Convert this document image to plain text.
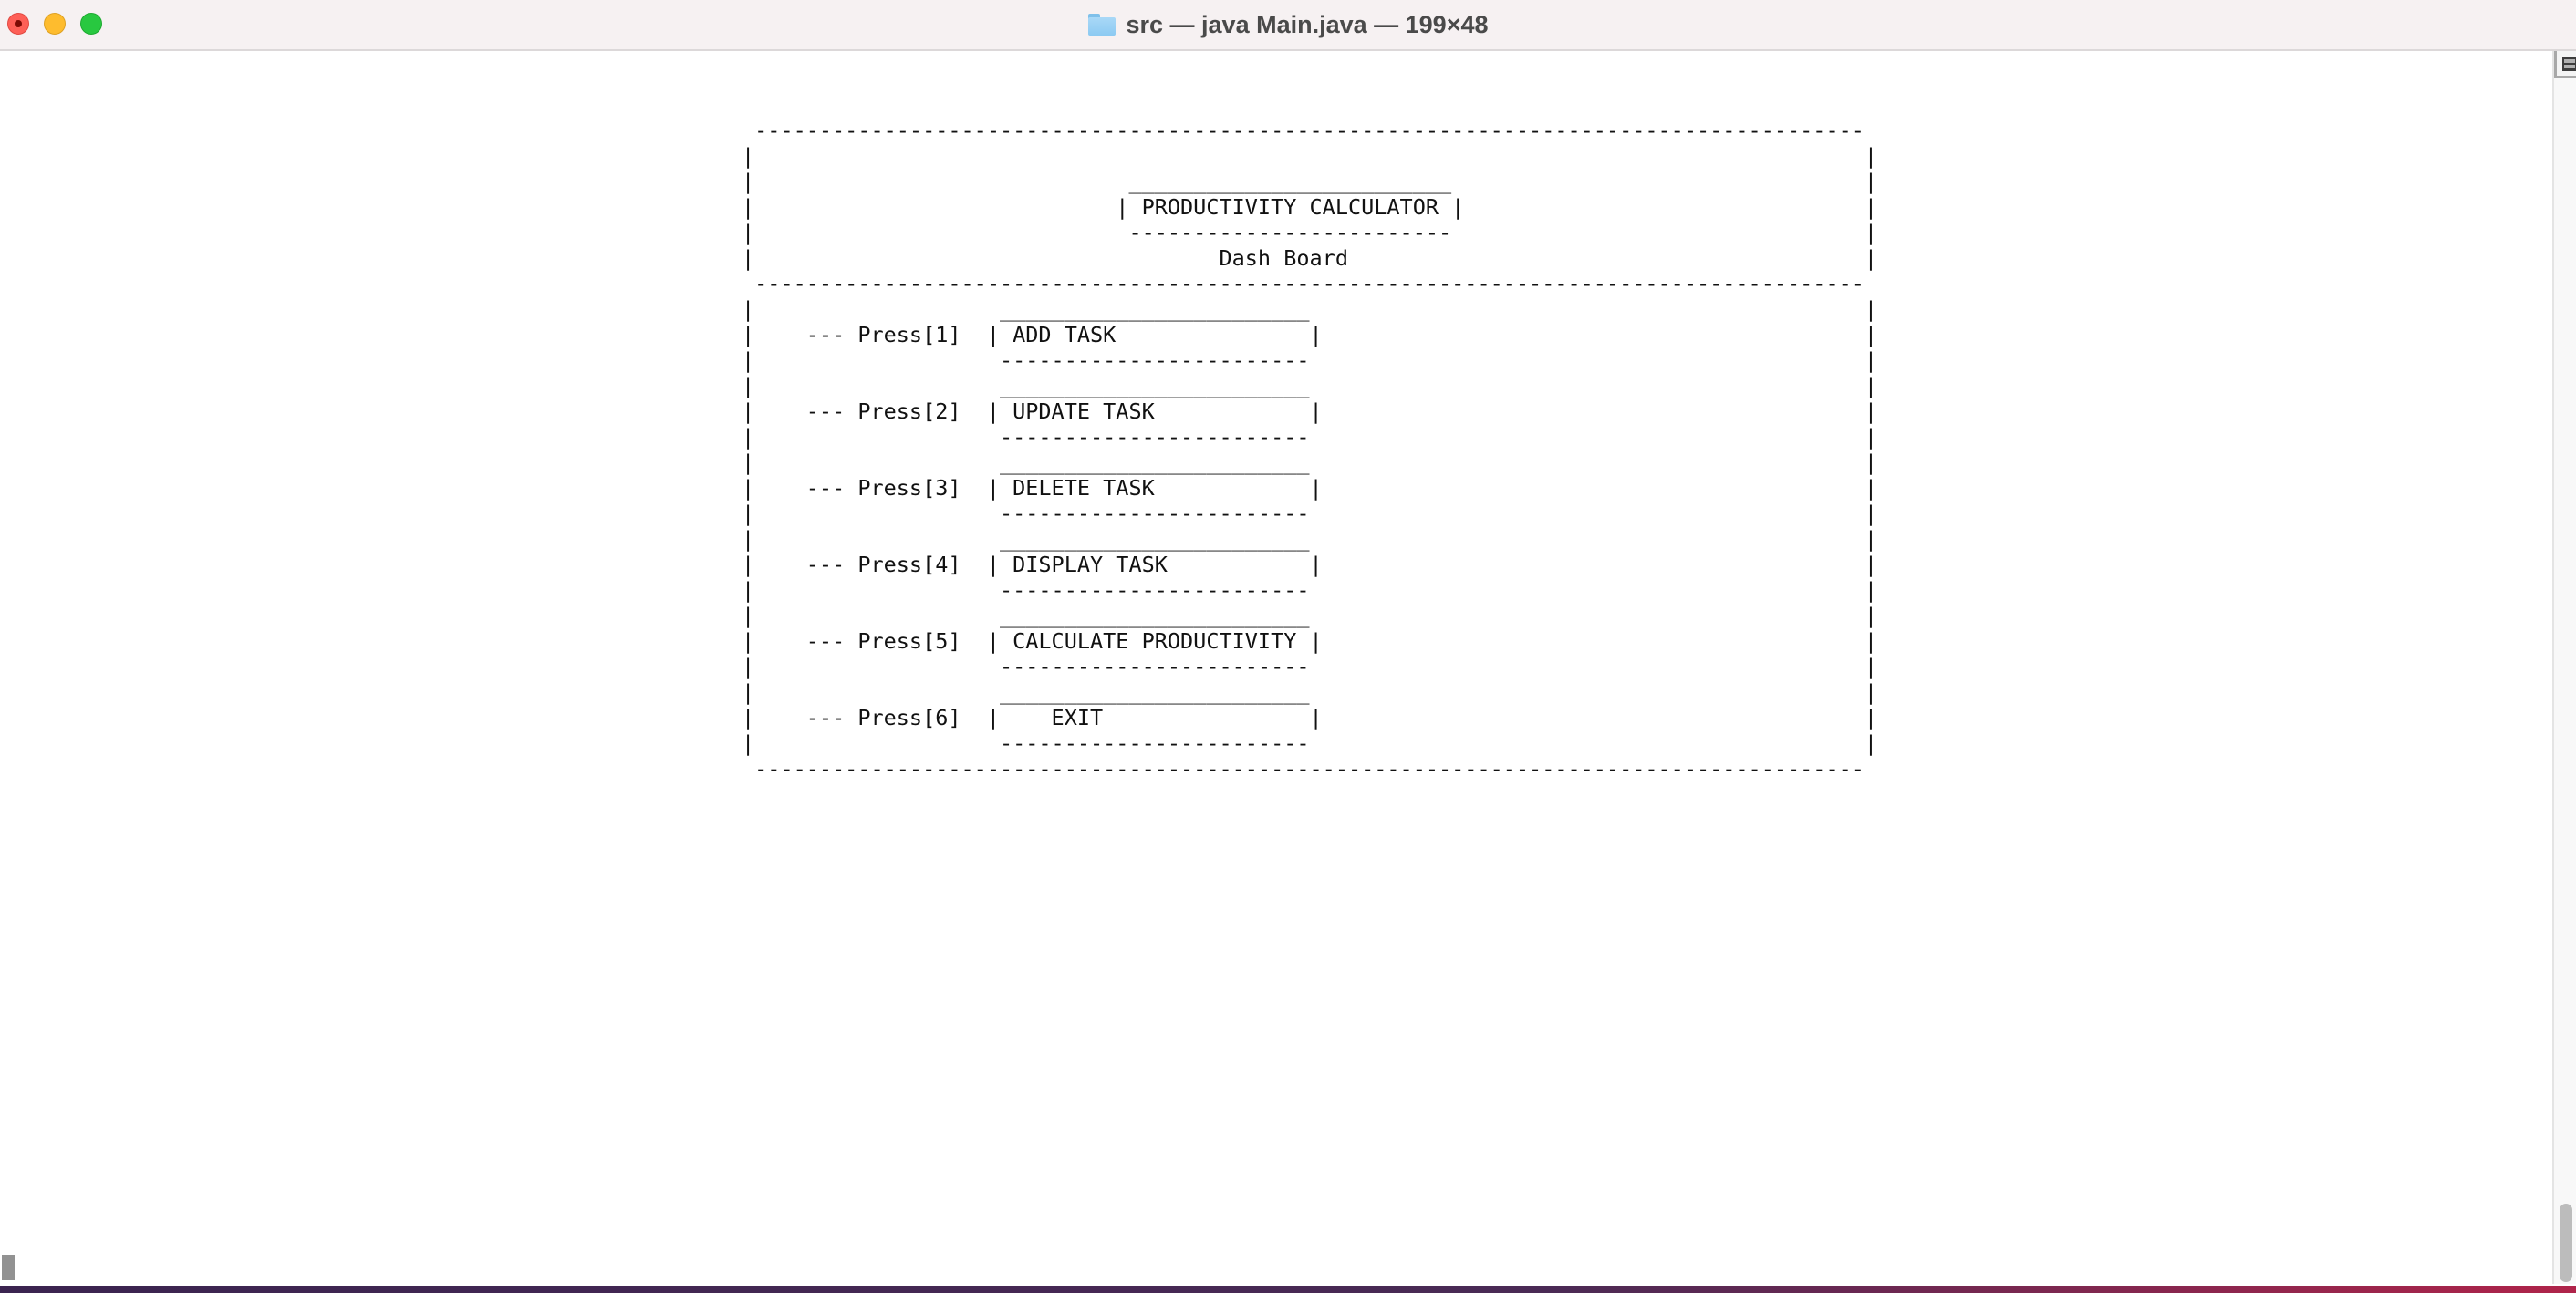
src — java Main.java — 199×48
--------------------------------------------------------------------------------------
|                                                                                      |
|                             _________________________                                |
|                            | PRODUCTIVITY CALCULATOR |                               |
|                             -------------------------                                |
|                                    Dash Board                                        |
--------------------------------------------------------------------------------------
|                   ________________________                                           |
|    --- Press[1]  | ADD TASK               |                                          |
|                   ------------------------                                           |
|                   ________________________                                           |
|    --- Press[2]  | UPDATE TASK            |                                          |
|                   ------------------------                                           |
|                   ________________________                                           |
|    --- Press[3]  | DELETE TASK            |                                          |
|                   ------------------------                                           |
|                   ________________________                                           |
|    --- Press[4]  | DISPLAY TASK           |                                          |
|                   ------------------------                                           |
|                   ________________________                                           |
|    --- Press[5]  | CALCULATE PRODUCTIVITY |                                          |
|                   ------------------------                                           |
|                   ________________________                                           |
|    --- Press[6]  |    EXIT                |                                          |
|                   ------------------------                                           |
--------------------------------------------------------------------------------------
